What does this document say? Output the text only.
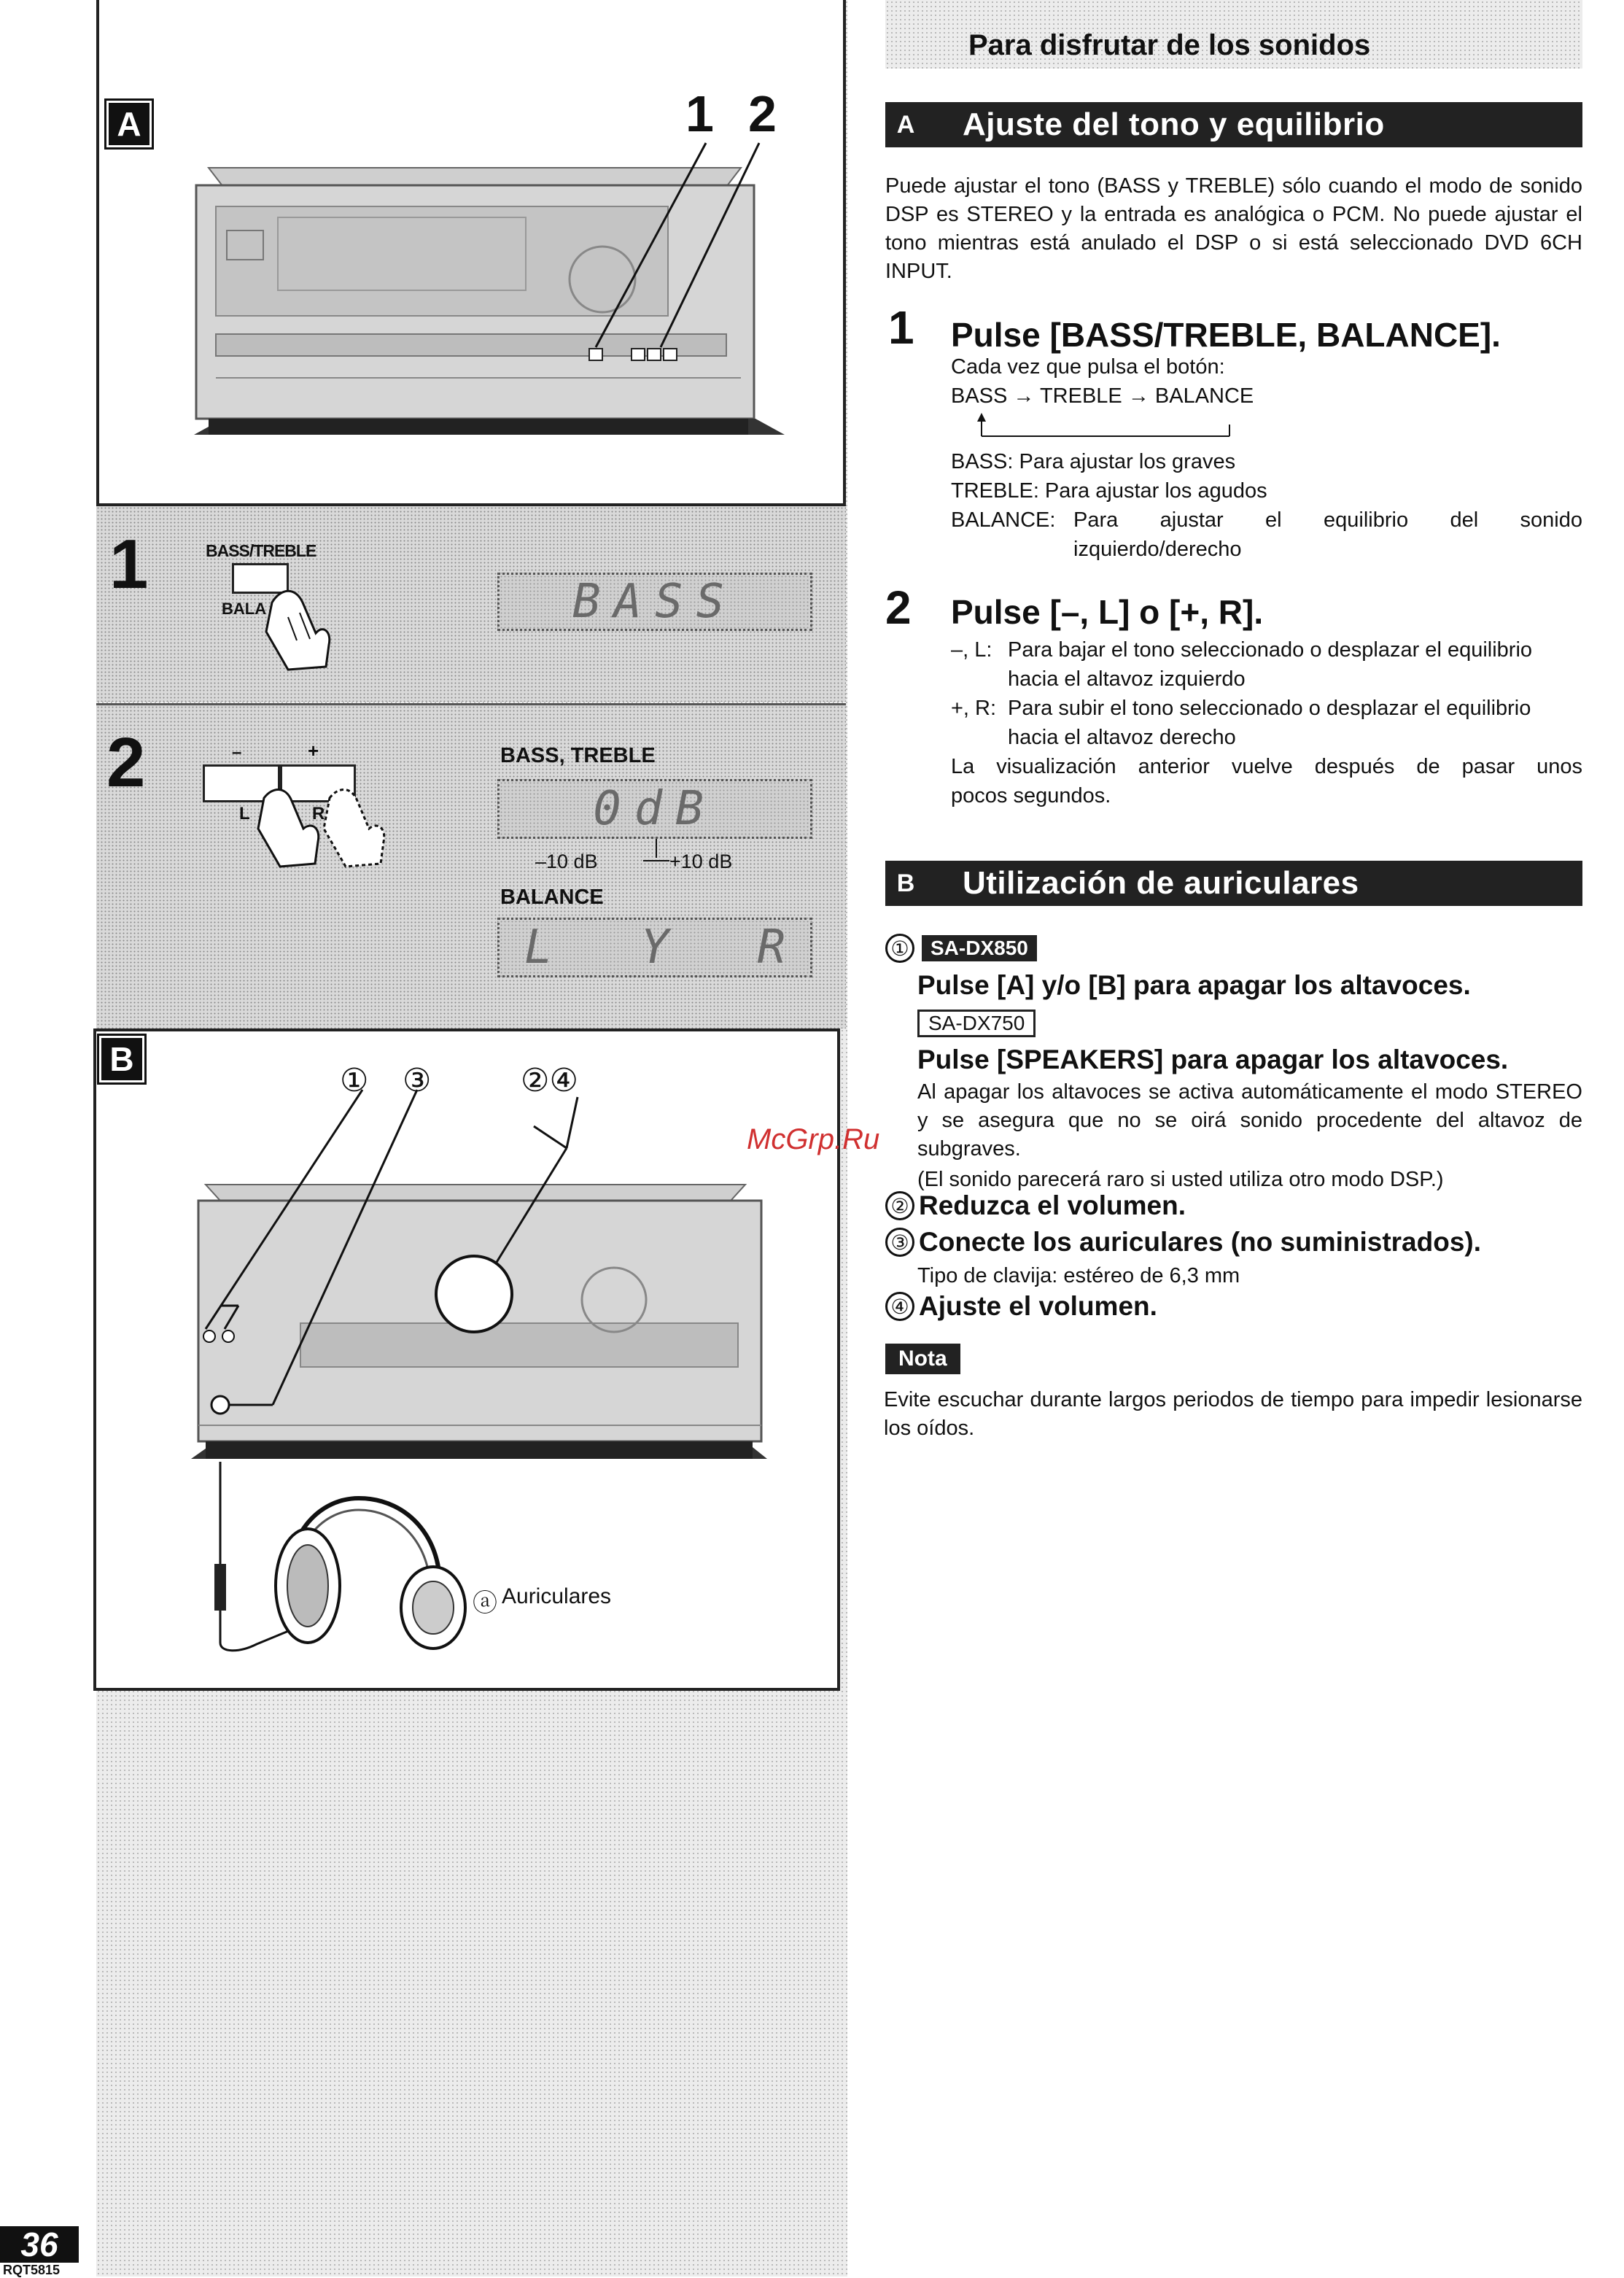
A	1 2
1	BASS/TREBLE
BALA	BASS
2	–	+
L	R
BASS, TREBLE
0dB
–10 dB	+10 dB
BALANCE
L Y R
B
① ③	②④
ⓐ Auriculares
Para disfrutar de los sonidos
A	Ajuste del tono y equilibrio
Puede ajustar el tono (BASS y TREBLE) sólo cuando el modo de sonido DSP es STEREO y la entrada es analógica o PCM. No puede ajustar el tono mientras está anulado el DSP o si está seleccionado DVD 6CH INPUT.
1 Pulse [BASS/TREBLE, BALANCE].
Cada vez que pulsa el botón:
BASS → TREBLE → BALANCE
BASS: Para ajustar los graves
TREBLE: Para ajustar los agudos
BALANCE: Para ajustar el equilibrio del sonido
izquierdo/derecho
2 Pulse [–, L] o [+, R].
–, L: Para bajar el tono seleccionado o desplazar el equilibrio
hacia el altavoz izquierdo
+, R: Para subir el tono seleccionado o desplazar el equilibrio
hacia el altavoz derecho
La visualización anterior vuelve después de pasar unos
pocos segundos.
B	Utilización de auriculares
①	SA-DX850
Pulse [A] y/o [B] para apagar los altavoces.
SA-DX750
Pulse [SPEAKERS] para apagar los altavoces.
Al apagar los altavoces se activa automáticamente el modo STEREO y se asegura que no se oirá sonido procedente del altavoz de subgraves.
(El sonido parecerá raro si usted utiliza otro modo DSP.)
② Reduzca el volumen.
③ Conecte los auriculares (no suministrados).
Tipo de clavija: estéreo de 6,3 mm
④ Ajuste el volumen.
Nota
Evite escuchar durante largos periodos de tiempo para impedir lesionarse los oídos.
McGrp.Ru
36
RQT5815
